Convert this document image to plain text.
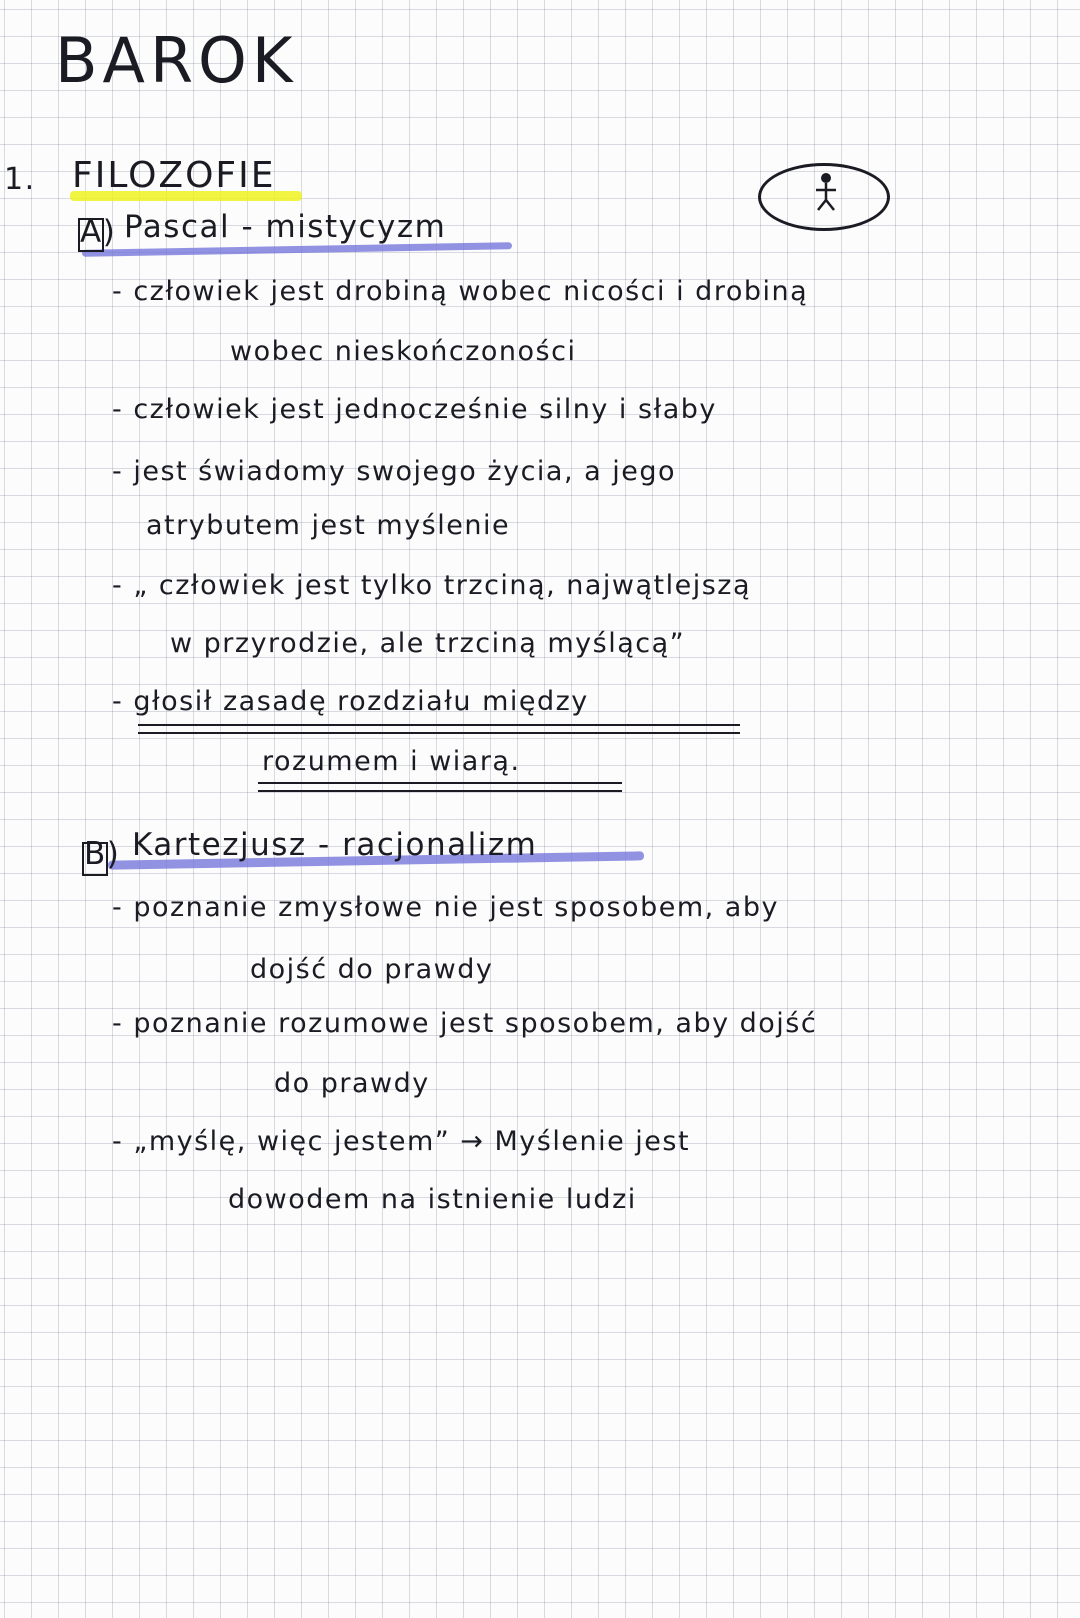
BAROK
1. FILOZOFIE
A) Pascal - mistycyzm
- człowiek jest drobiną wobec nicości i drobiną
wobec nieskończoności
- człowiek jest jednocześnie silny i słaby
- jest świadomy swojego życia, a jego
atrybutem jest myślenie
- „ człowiek jest tylko trzciną, najwątlejszą
w przyrodzie, ale trzciną myślącą”
- głosił zasadę rozdziału między
rozumem i wiarą.
B) Kartezjusz - racjonalizm
- poznanie zmysłowe nie jest sposobem, aby
dojść do prawdy
- poznanie rozumowe jest sposobem, aby dojść
do prawdy
- „myślę, więc jestem” → Myślenie jest
dowodem na istnienie ludzi
